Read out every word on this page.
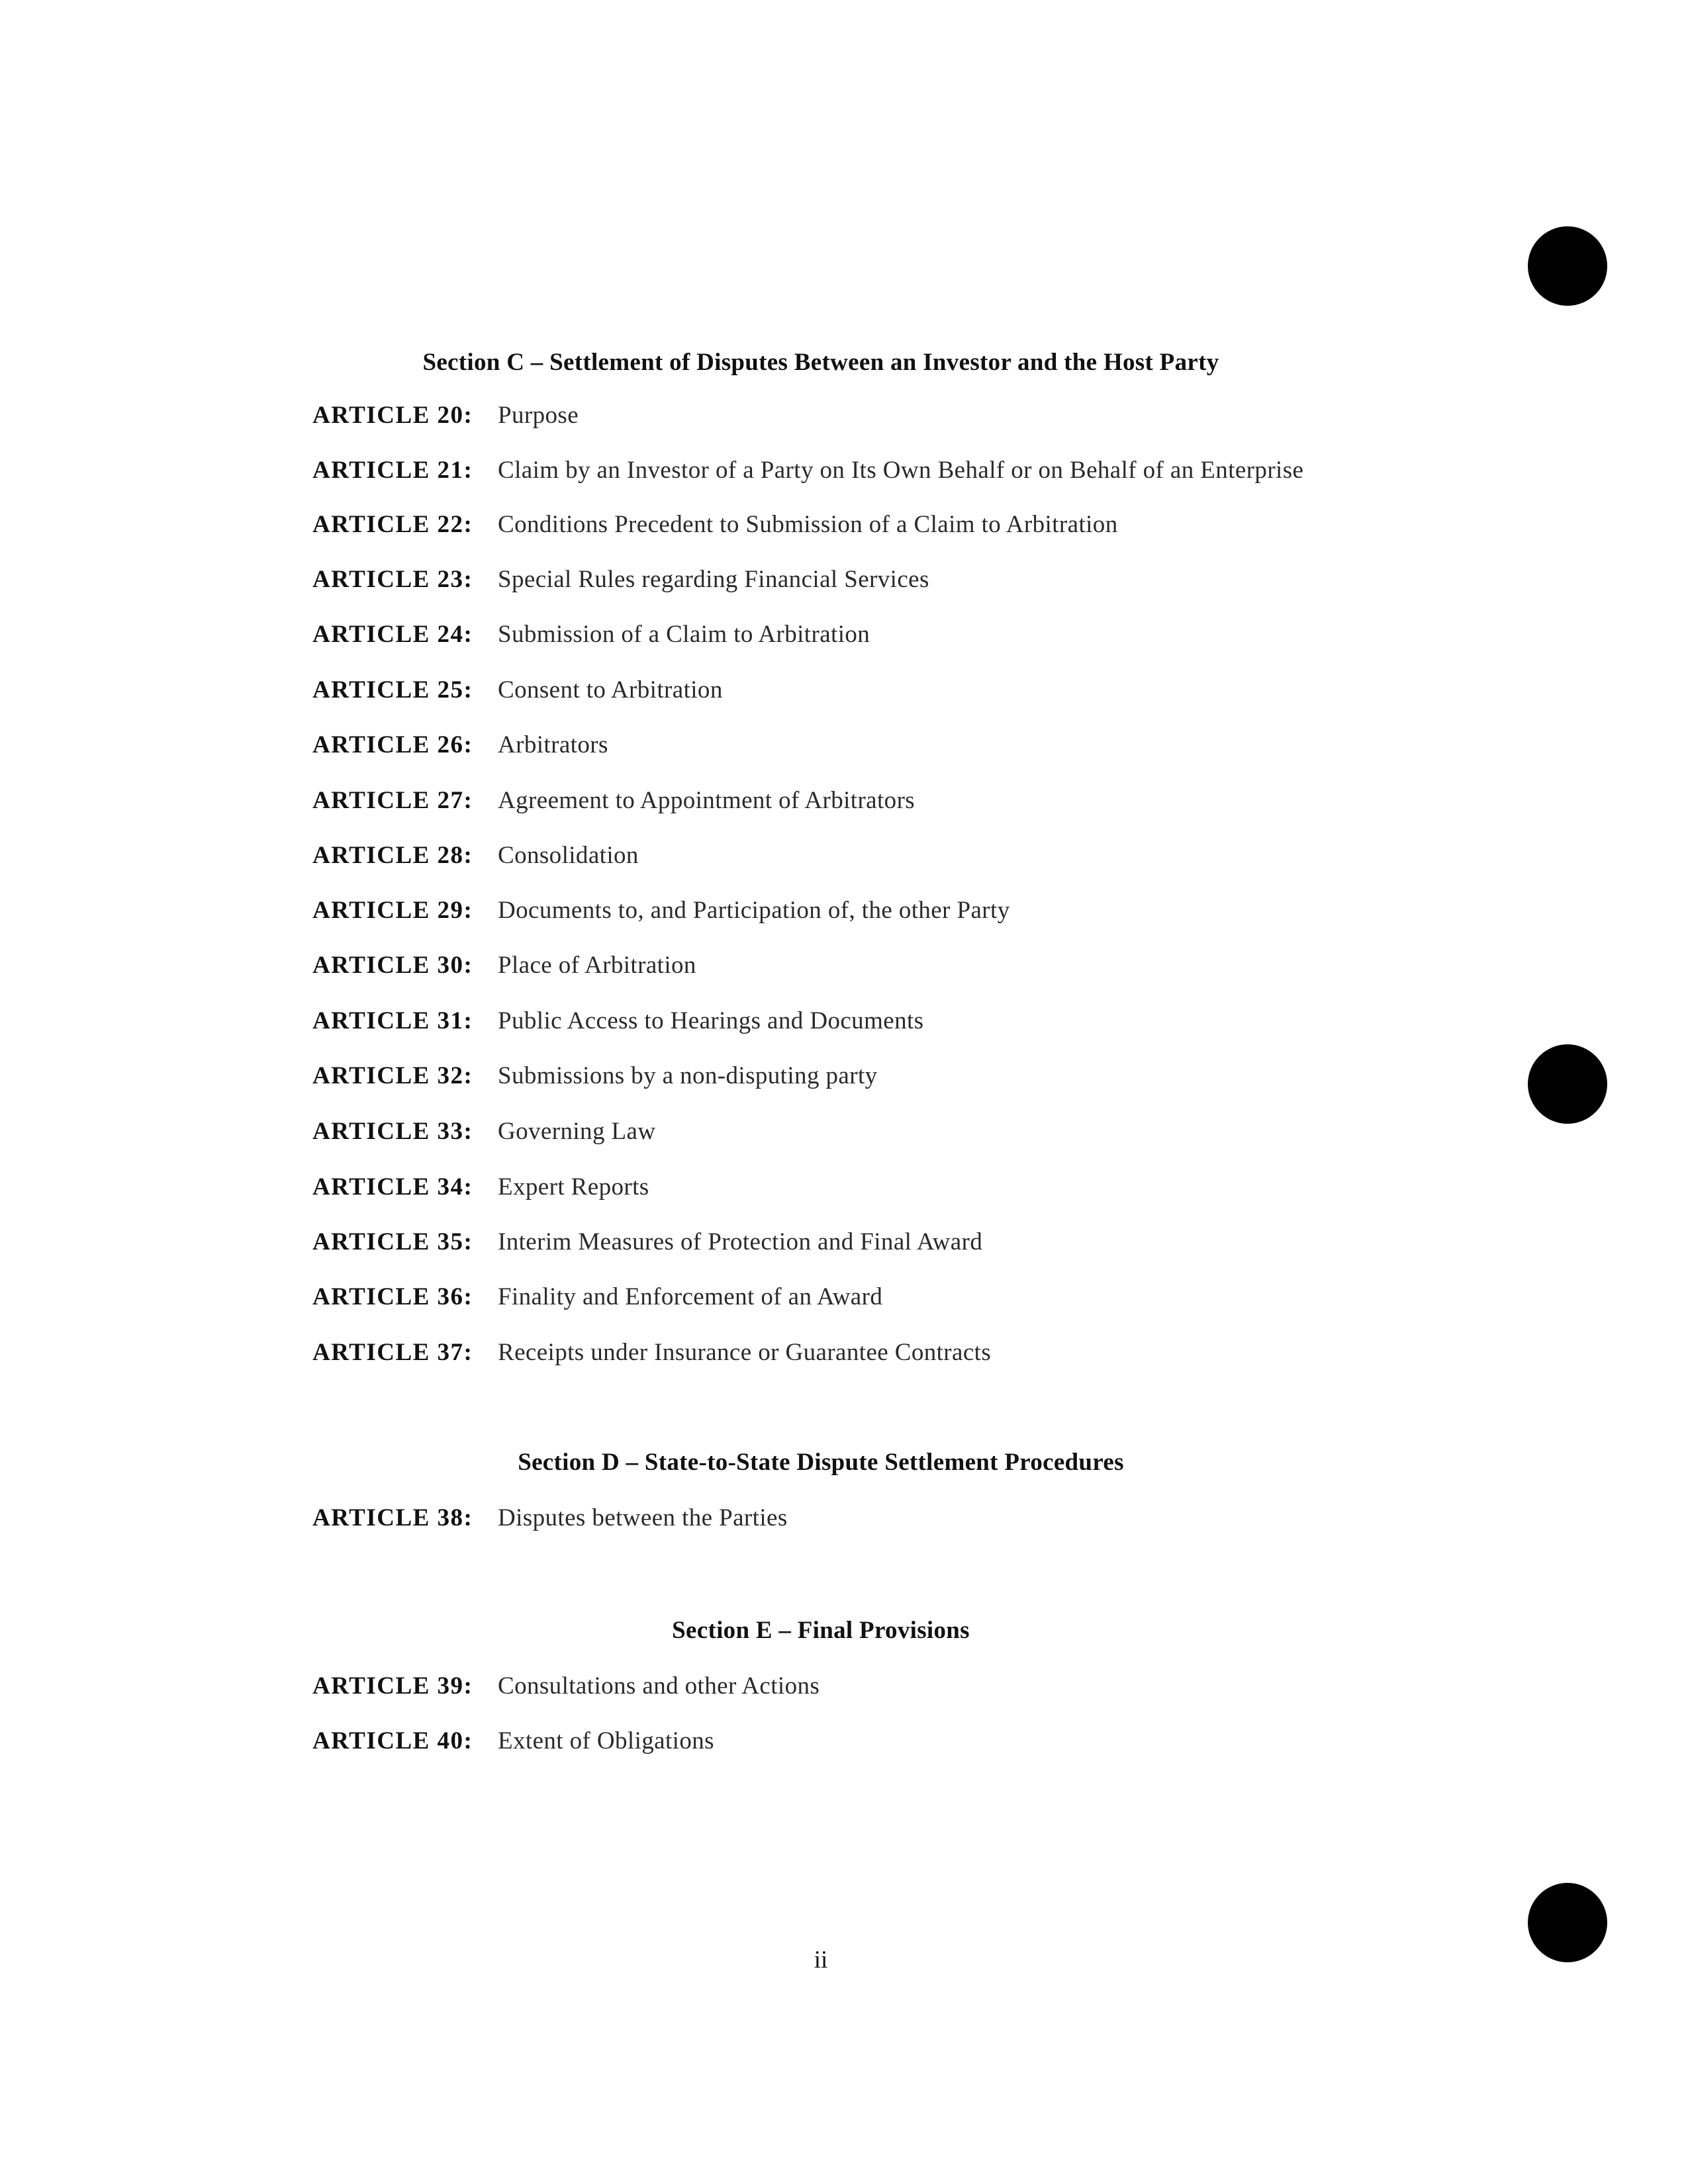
Section C – Settlement of Disputes Between an Investor and the Host Party
ARTICLE 20:	Purpose
ARTICLE 21:	Claim by an Investor of a Party on Its Own Behalf or on Behalf of an Enterprise
ARTICLE 22:	Conditions Precedent to Submission of a Claim to Arbitration
ARTICLE 23:	Special Rules regarding Financial Services
ARTICLE 24:	Submission of a Claim to Arbitration
ARTICLE 25:	Consent to Arbitration
ARTICLE 26:	Arbitrators
ARTICLE 27:	Agreement to Appointment of Arbitrators
ARTICLE 28:	Consolidation
ARTICLE 29:	Documents to, and Participation of, the other Party
ARTICLE 30:	Place of Arbitration
ARTICLE 31:	Public Access to Hearings and Documents
ARTICLE 32:	Submissions by a non-disputing party
ARTICLE 33:	Governing Law
ARTICLE 34:	Expert Reports
ARTICLE 35:	Interim Measures of Protection and Final Award
ARTICLE 36:	Finality and Enforcement of an Award
ARTICLE 37:	Receipts under Insurance or Guarantee Contracts
Section D – State-to-State Dispute Settlement Procedures
ARTICLE 38:	Disputes between the Parties
Section E – Final Provisions
ARTICLE 39:	Consultations and other Actions
ARTICLE 40:	Extent of Obligations
ii
